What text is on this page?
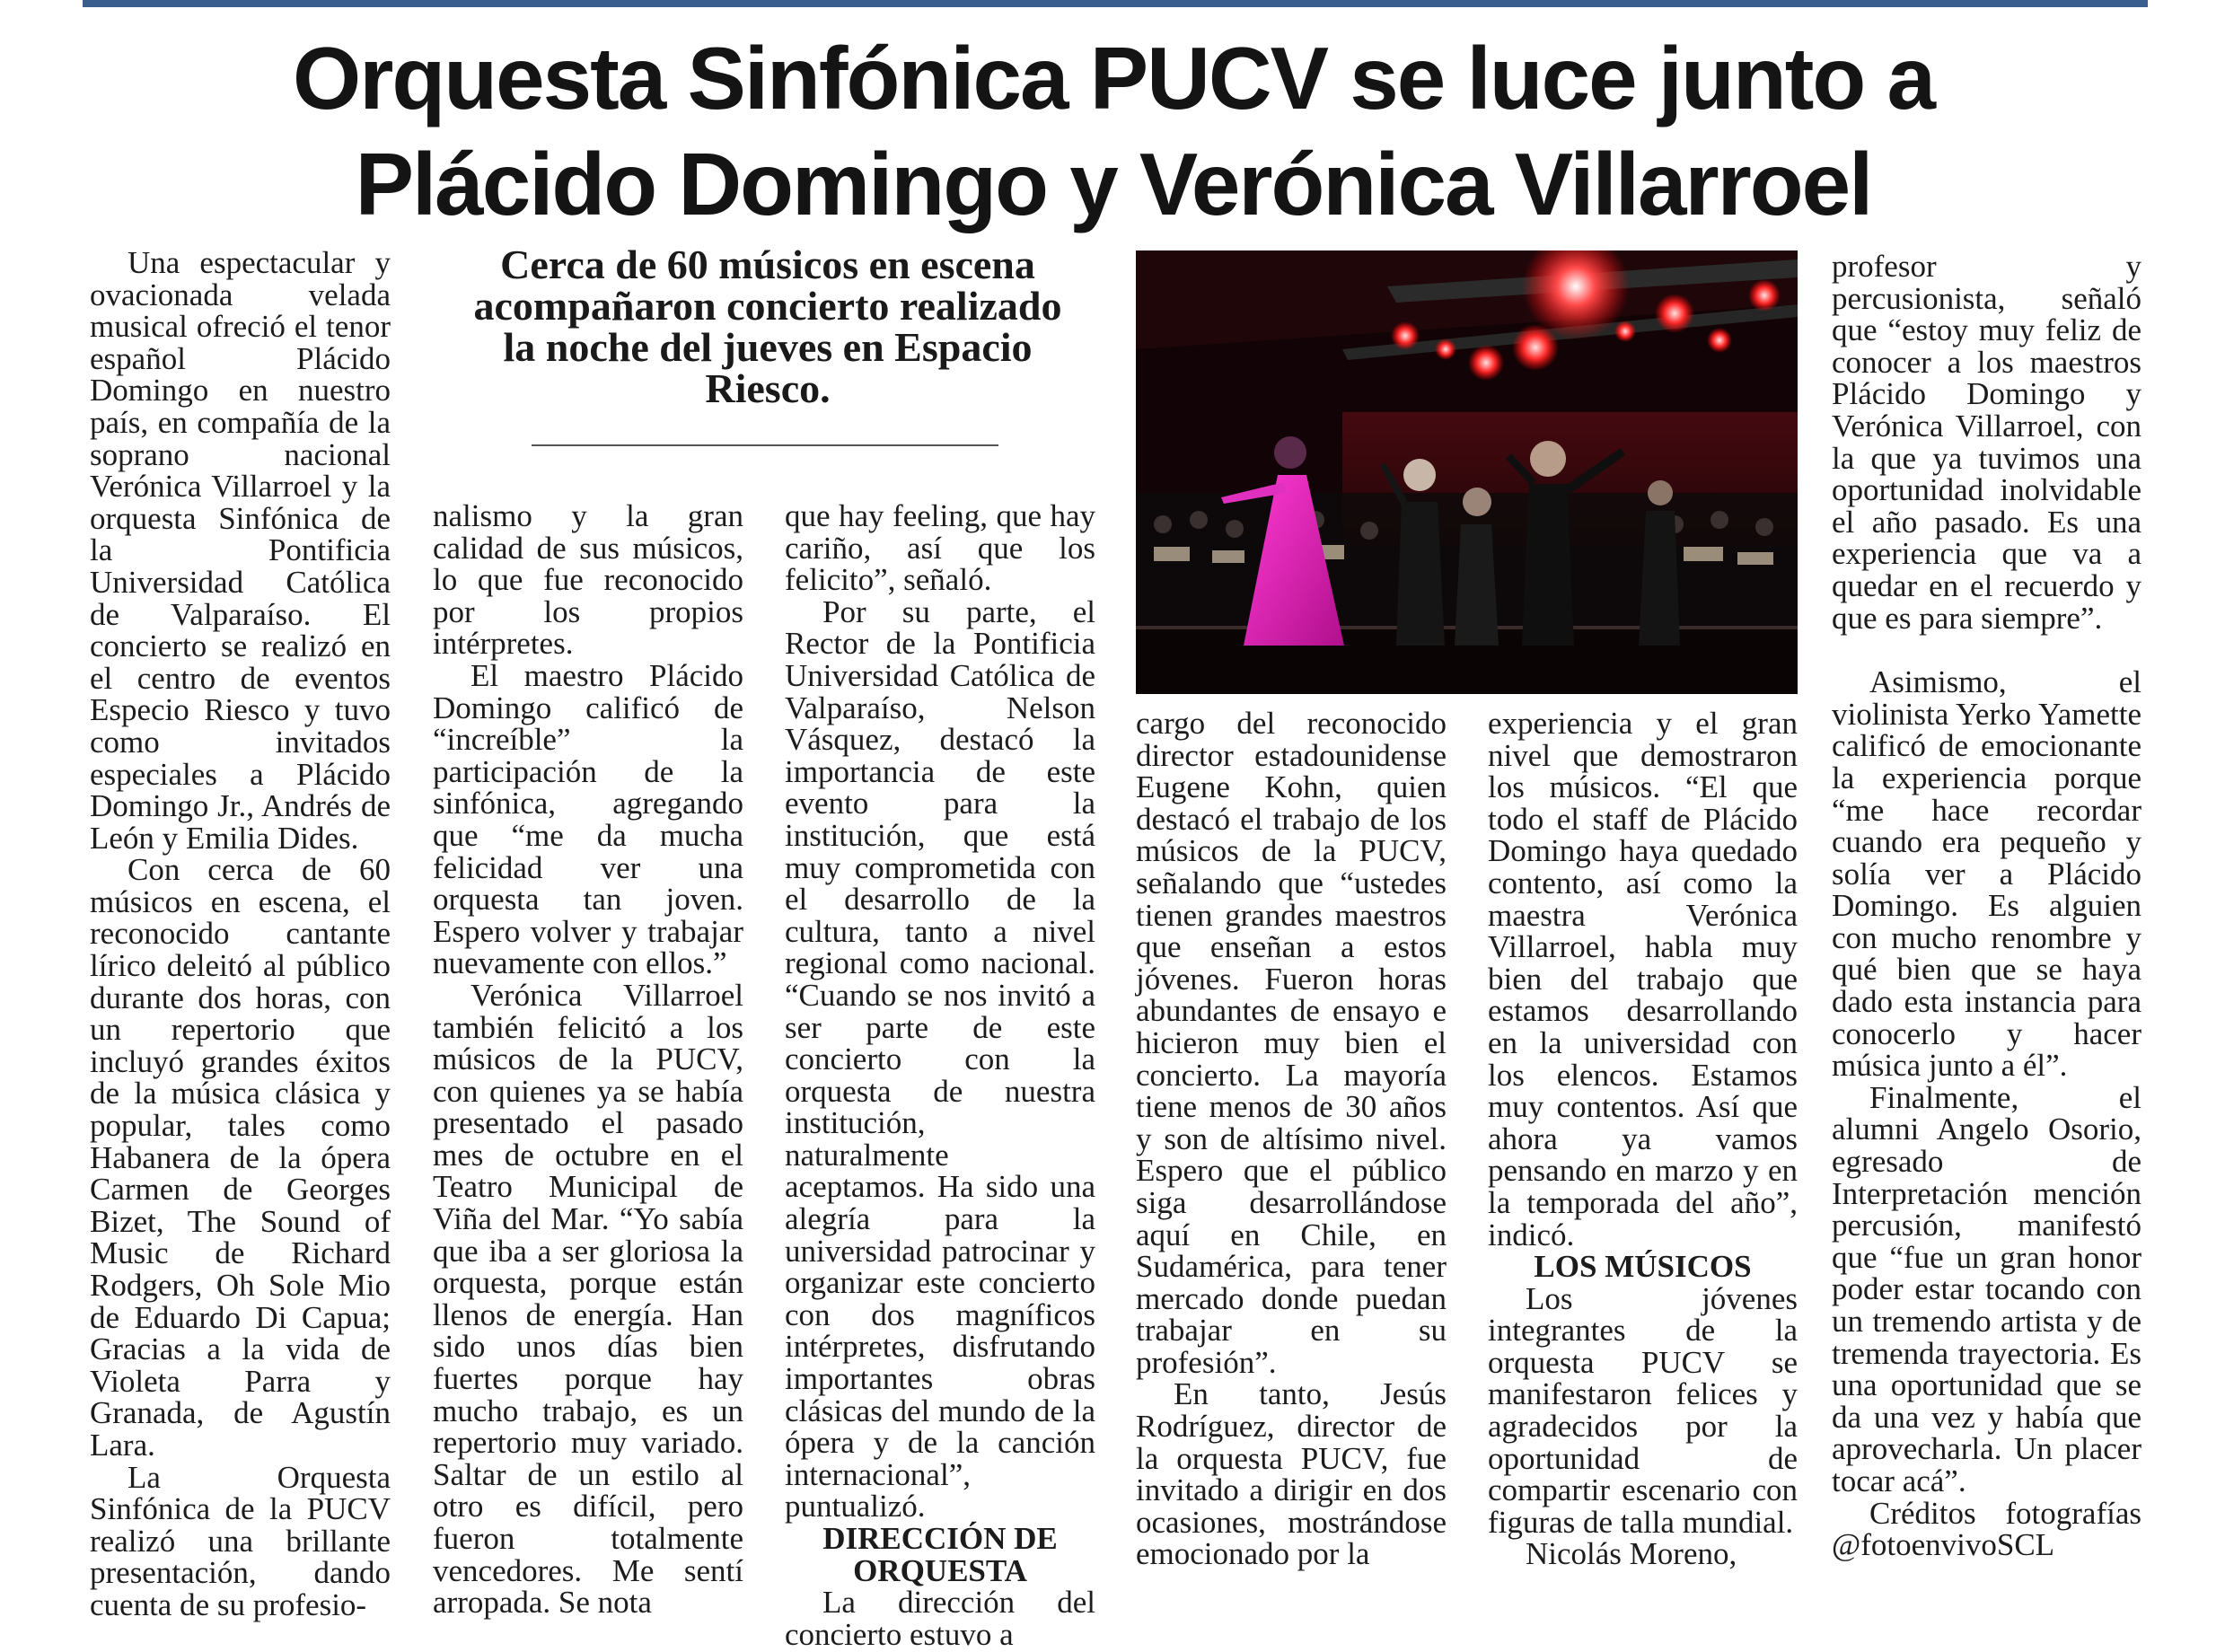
Orquesta Sinfónica PUCV se luce junto a
Plácido Domingo y Verónica Villarroel

Cerca de 60 músicos en escena acompañaron concierto realizado la noche del jueves en Espacio Riesco.

Una espectacular y ovacionada velada musical ofreció el tenor español Plácido Domingo en nuestro país, en compañía de la soprano nacional Verónica Villarroel y la orquesta Sinfónica de la Pontificia Universidad Católica de Valparaíso. El concierto se realizó en el centro de eventos Especio Riesco y tuvo como invitados especiales a Plácido Domingo Jr., Andrés de León y Emilia Dides.

Con cerca de 60 músicos en escena, el reconocido cantante lírico deleitó al público durante dos horas, con un repertorio que incluyó grandes éxitos de la música clásica y popular, tales como Habanera de la ópera Carmen de Georges Bizet, The Sound of Music de Richard Rodgers, Oh Sole Mio de Eduardo Di Capua; Gracias a la vida de Violeta Parra y Granada, de Agustín Lara.

La Orquesta Sinfónica de la PUCV realizó una brillante presentación, dando cuenta de su profesio-

nalismo y la gran calidad de sus músicos, lo que fue reconocido por los propios intérpretes.

El maestro Plácido Domingo calificó de “increíble” la participación de la sinfónica, agregando que “me da mucha felicidad ver una orquesta tan joven. Espero volver y trabajar nuevamente con ellos.”

Verónica Villarroel también felicitó a los músicos de la PUCV, con quienes ya se había presentado el pasado mes de octubre en el Teatro Municipal de Viña del Mar. “Yo sabía que iba a ser gloriosa la orquesta, porque están llenos de energía. Han sido unos días bien fuertes porque hay mucho trabajo, es un repertorio muy variado. Saltar de un estilo al otro es difícil, pero fueron totalmente vencedores. Me sentí arropada. Se nota

que hay feeling, que hay cariño, así que los felicito”, señaló.

Por su parte, el Rector de la Pontificia Universidad Católica de Valparaíso, Nelson Vásquez, destacó la importancia de este evento para la institución, que está muy comprometida con el desarrollo de la cultura, tanto a nivel regional como nacional. “Cuando se nos invitó a ser parte de este concierto con la orquesta de nuestra institución, naturalmente aceptamos. Ha sido una alegría para la universidad patrocinar y organizar este concierto con dos magníficos intérpretes, disfrutando importantes obras clásicas del mundo de la ópera y de la canción internacional”, puntualizó.

DIRECCIÓN DE ORQUESTA

La dirección del concierto estuvo a

cargo del reconocido director estadounidense Eugene Kohn, quien destacó el trabajo de los músicos de la PUCV, señalando que “ustedes tienen grandes maestros que enseñan a estos jóvenes. Fueron horas abundantes de ensayo e hicieron muy bien el concierto. La mayoría tiene menos de 30 años y son de altísimo nivel. Espero que el público siga desarrollándose aquí en Chile, en Sudamérica, para tener mercado donde puedan trabajar en su profesión”.

En tanto, Jesús Rodríguez, director de la orquesta PUCV, fue invitado a dirigir en dos ocasiones, mostrándose emocionado por la

experiencia y el gran nivel que demostraron los músicos. “El que todo el staff de Plácido Domingo haya quedado contento, así como la maestra Verónica Villarroel, habla muy bien del trabajo que estamos desarrollando en la universidad con los elencos. Estamos muy contentos. Así que ahora ya vamos pensando en marzo y en la temporada del año”, indicó.

LOS MÚSICOS

Los jóvenes integrantes de la orquesta PUCV se manifestaron felices y agradecidos por la oportunidad de compartir escenario con figuras de talla mundial.

Nicolás Moreno,

profesor y percusionista, señaló que “estoy muy feliz de conocer a los maestros Plácido Domingo y Verónica Villarroel, con la que ya tuvimos una oportunidad inolvidable el año pasado. Es una experiencia que va a quedar en el recuerdo y que es para siempre”.

Asimismo, el violinista Yerko Yamette calificó de emocionante la experiencia porque “me hace recordar cuando era pequeño y solía ver a Plácido Domingo. Es alguien con mucho renombre y qué bien que se haya dado esta instancia para conocerlo y hacer música junto a él”.

Finalmente, el alumni Angelo Osorio, egresado de Interpretación mención percusión, manifestó que “fue un gran honor poder estar tocando con un tremendo artista y de tremenda trayectoria. Es una oportunidad que se da una vez y había que aprovecharla. Un placer tocar acá”.

Créditos fotografías @fotoenvivoSCL
